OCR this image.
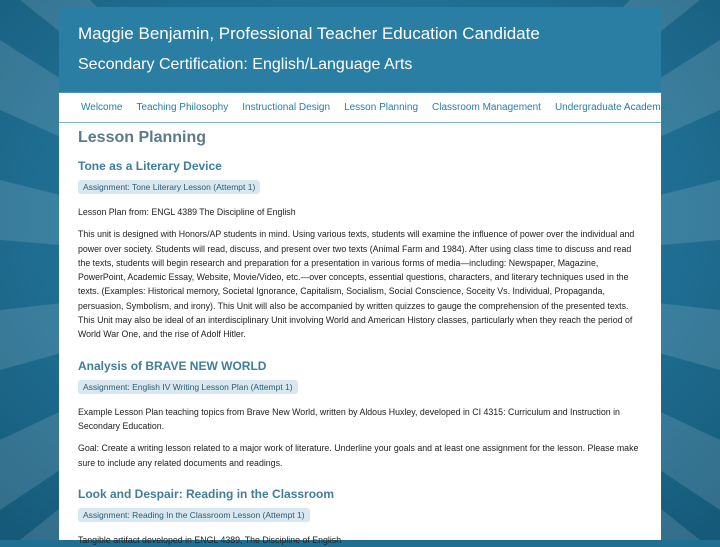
Maggie Benjamin, Professional Teacher Education Candidate
Secondary Certification: English/Language Arts
Welcome Teaching Philosophy Instructional Design Lesson Planning Classroom Management Undergraduate Academics
Lesson Planning
Tone as a Literary Device
Assignment: Tone Literary Lesson (Attempt 1)

Lesson Plan from: ENGL 4389 The Discipline of English

This unit is designed with Honors/AP students in mind. Using various texts, students will examine the influence of power over the individual and power over society. Students will read, discuss, and present over two texts (Animal Farm and 1984). After using class time to discuss and read the texts, students will begin research and preparation for a presentation in various forms of media—including: Newspaper, Magazine, PowerPoint, Academic Essay, Website, Movie/Video, etc.—over concepts, essential questions, characters, and literary techniques used in the texts. (Examples: Historical memory, Societal Ignorance, Capitalism, Socialism, Social Conscience, Soceity Vs. Individual, Propaganda, persuasion, Symbolism, and irony). This Unit will also be accompanied by written quizzes to gauge the comprehension of the presented texts. This Unit may also be ideal of an interdisciplinary Unit involving World and American History classes, particularly when they reach the period of World War One, and the rise of Adolf Hitler.

Analysis of BRAVE NEW WORLD
Assignment: English IV Writing Lesson Plan (Attempt 1)

Example Lesson Plan teaching topics from Brave New World, written by Aldous Huxley, developed in CI 4315: Curriculum and Instruction in Secondary Education.

Goal: Create a writing lesson related to a major work of literature. Underline your goals and at least one assignment for the lesson. Please make sure to include any related documents and readings.

Look and Despair: Reading in the Classroom
Assignment: Reading In the Classroom Lesson (Attempt 1)

Tangible artifact developed in ENGL 4389, The Discipline of English
